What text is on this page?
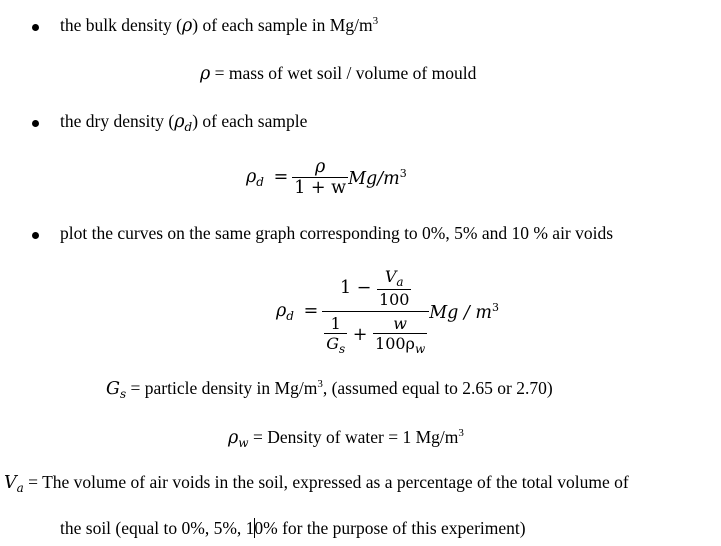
the bulk density (ρ) of each sample in $Mg/m^3$
ρ = mass of wet soil / volume of mould
the dry density $(\rho_d)$ of each sample
$\rho_d = \frac{\rho}{1 + w} Mg/m^3$
plot the curves on the same graph corresponding to 0%, 5% and 10 % air voids
$\rho_d = \frac{1 - \frac{V_a}{100}}{\frac{1}{G_s} + \frac{w}{100\rho_w}}$ Mg / $m^3$
$G_s$ = particle density in $Mg/m^3$, (assumed equal to 2.65 or 2.70)
$\rho_w$ = Density of water = 1 $Mg/m^3$
$V_a$ = The volume of air voids in the soil, expressed as a percentage of the total volume of
the soil (equal to 0%, 5%, 10% for the purpose of this experiment)
